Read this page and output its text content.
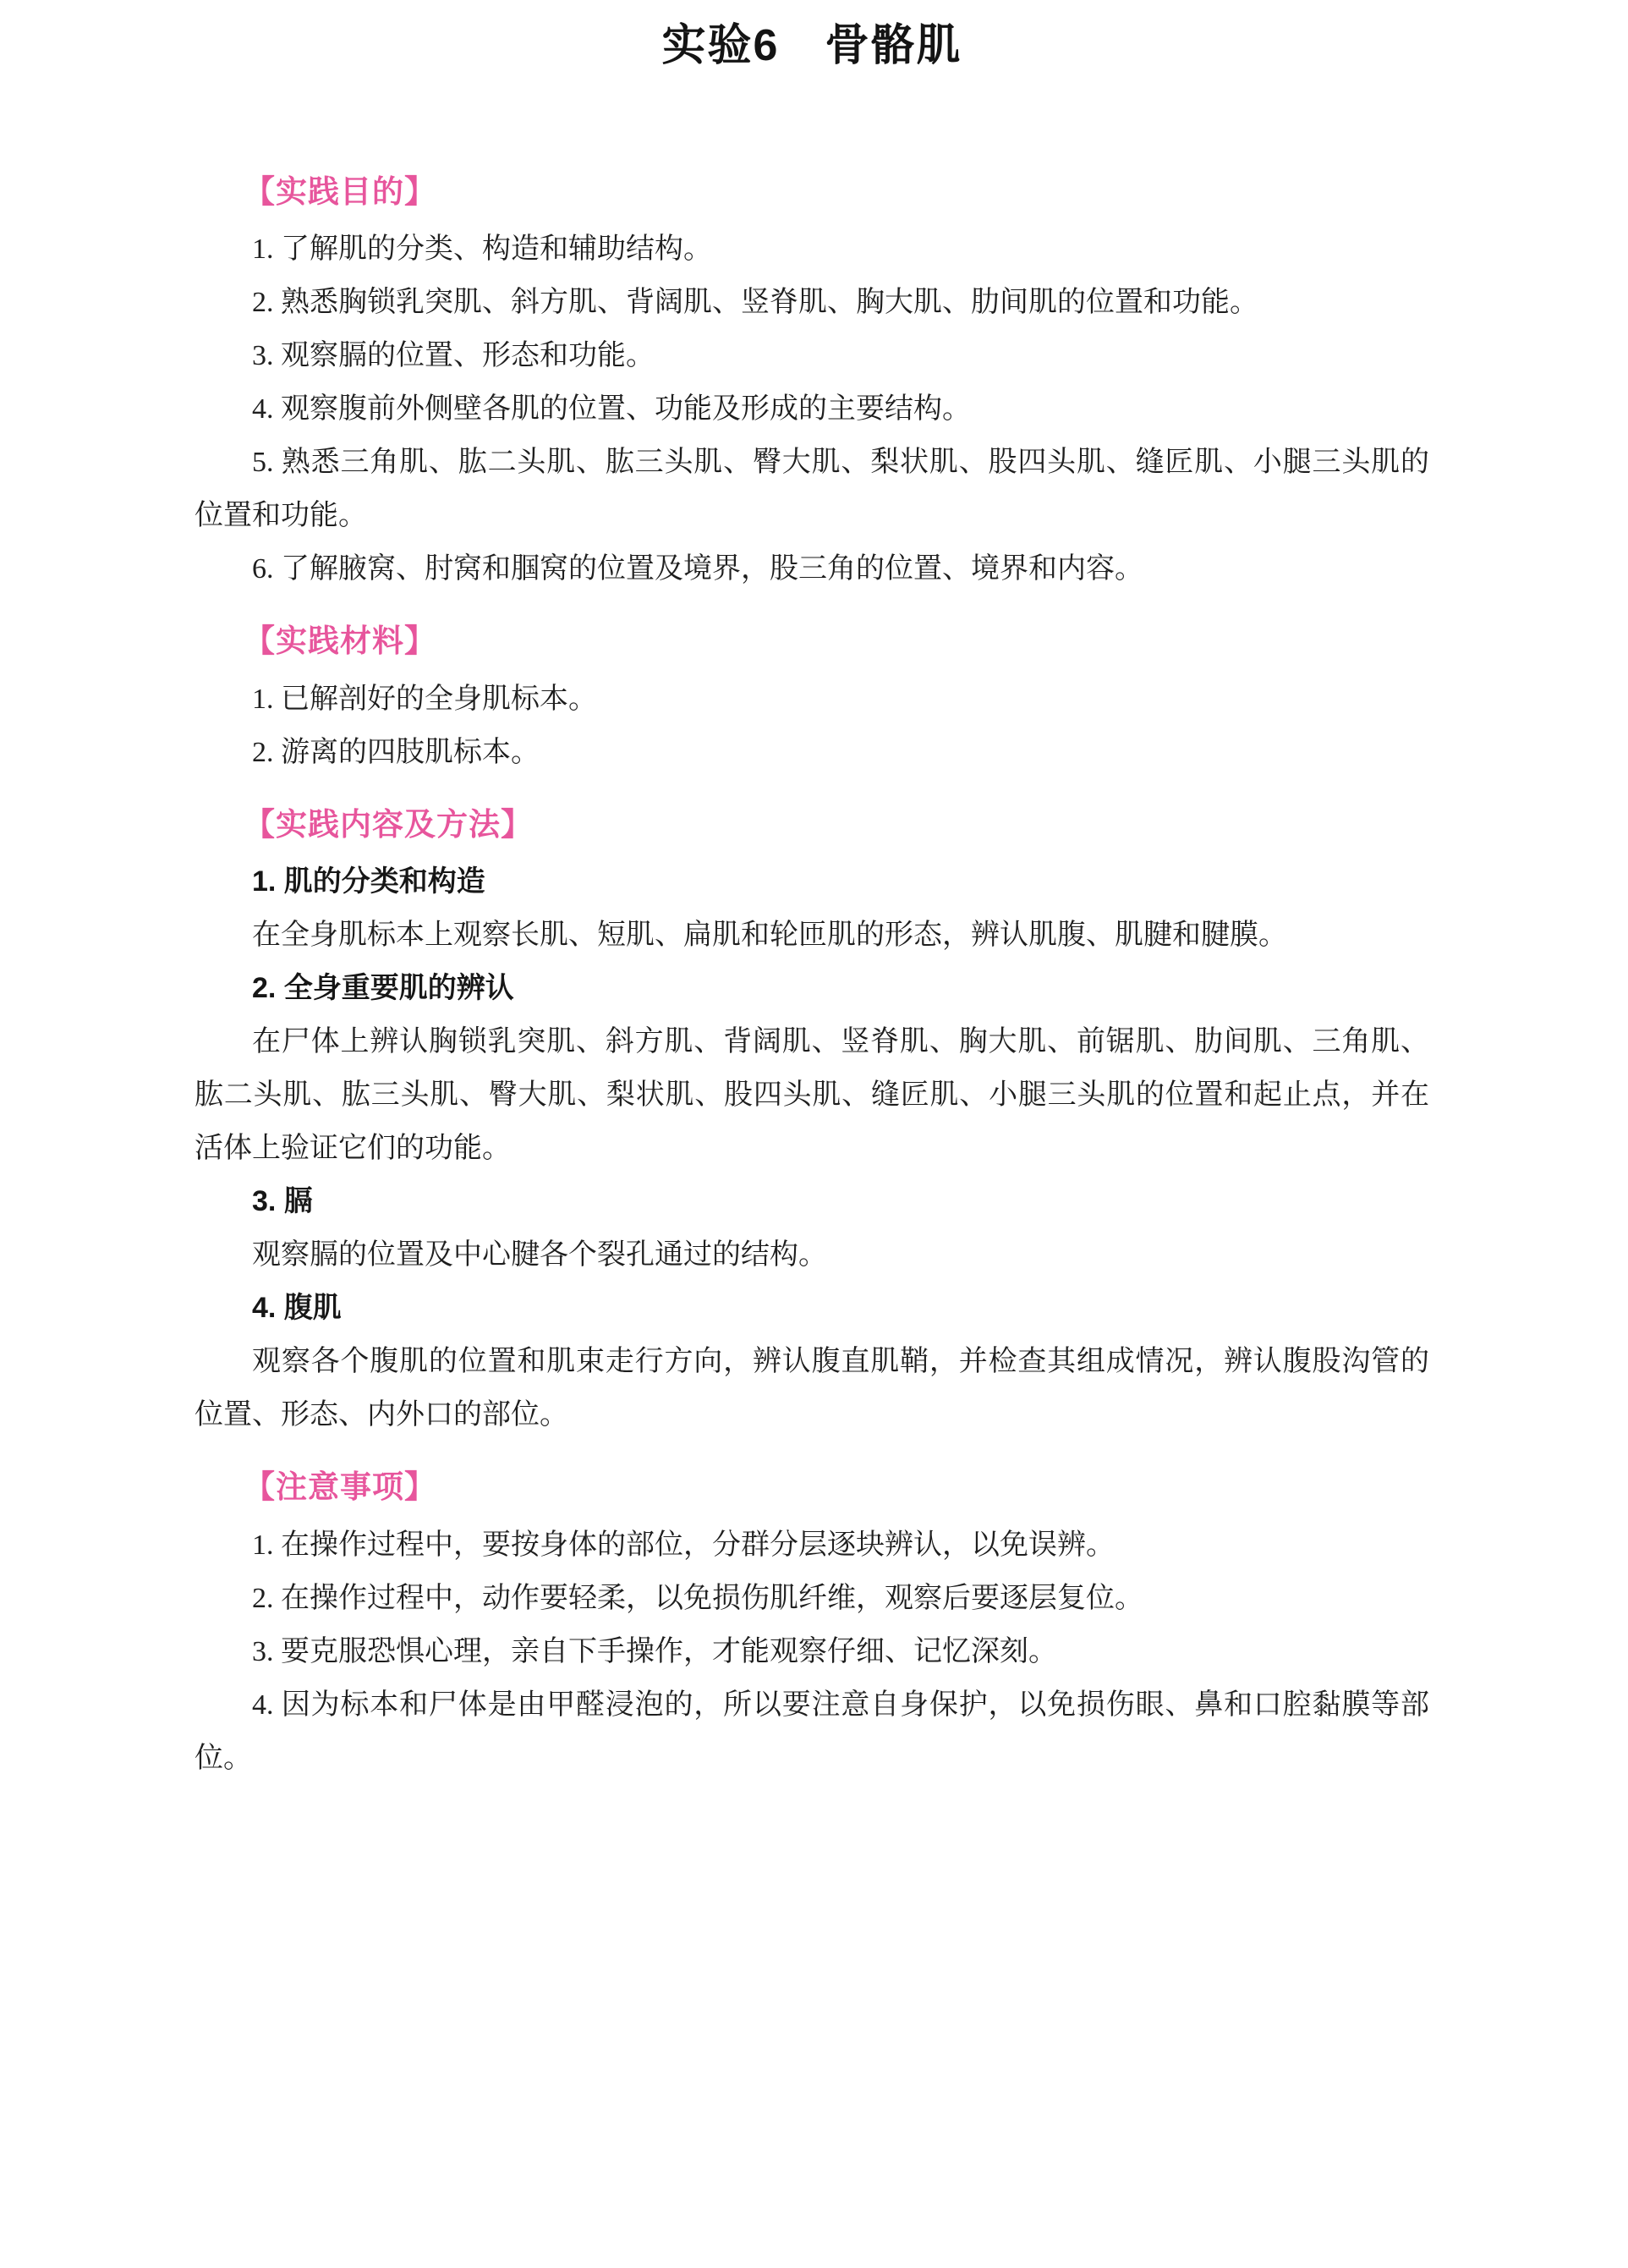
实验6　骨骼肌
【实践目的】

1. 了解肌的分类、构造和辅助结构。

2. 熟悉胸锁乳突肌、斜方肌、背阔肌、竖脊肌、胸大肌、肋间肌的位置和功能。

3. 观察膈的位置、形态和功能。

4. 观察腹前外侧壁各肌的位置、功能及形成的主要结构。

5. 熟悉三角肌、肱二头肌、肱三头肌、臀大肌、梨状肌、股四头肌、缝匠肌、小腿三头肌的位置和功能。

6. 了解腋窝、肘窝和腘窝的位置及境界，股三角的位置、境界和内容。

【实践材料】

1. 已解剖好的全身肌标本。

2. 游离的四肢肌标本。

【实践内容及方法】

1. 肌的分类和构造

在全身肌标本上观察长肌、短肌、扁肌和轮匝肌的形态，辨认肌腹、肌腱和腱膜。

2. 全身重要肌的辨认

在尸体上辨认胸锁乳突肌、斜方肌、背阔肌、竖脊肌、胸大肌、前锯肌、肋间肌、三角肌、肱二头肌、肱三头肌、臀大肌、梨状肌、股四头肌、缝匠肌、小腿三头肌的位置和起止点，并在活体上验证它们的功能。

3. 膈

观察膈的位置及中心腱各个裂孔通过的结构。

4. 腹肌

观察各个腹肌的位置和肌束走行方向，辨认腹直肌鞘，并检查其组成情况，辨认腹股沟管的位置、形态、内外口的部位。

【注意事项】

1. 在操作过程中，要按身体的部位，分群分层逐块辨认，以免误辨。

2. 在操作过程中，动作要轻柔，以免损伤肌纤维，观察后要逐层复位。

3. 要克服恐惧心理，亲自下手操作，才能观察仔细、记忆深刻。

4. 因为标本和尸体是由甲醛浸泡的，所以要注意自身保护，以免损伤眼、鼻和口腔黏膜等部位。
